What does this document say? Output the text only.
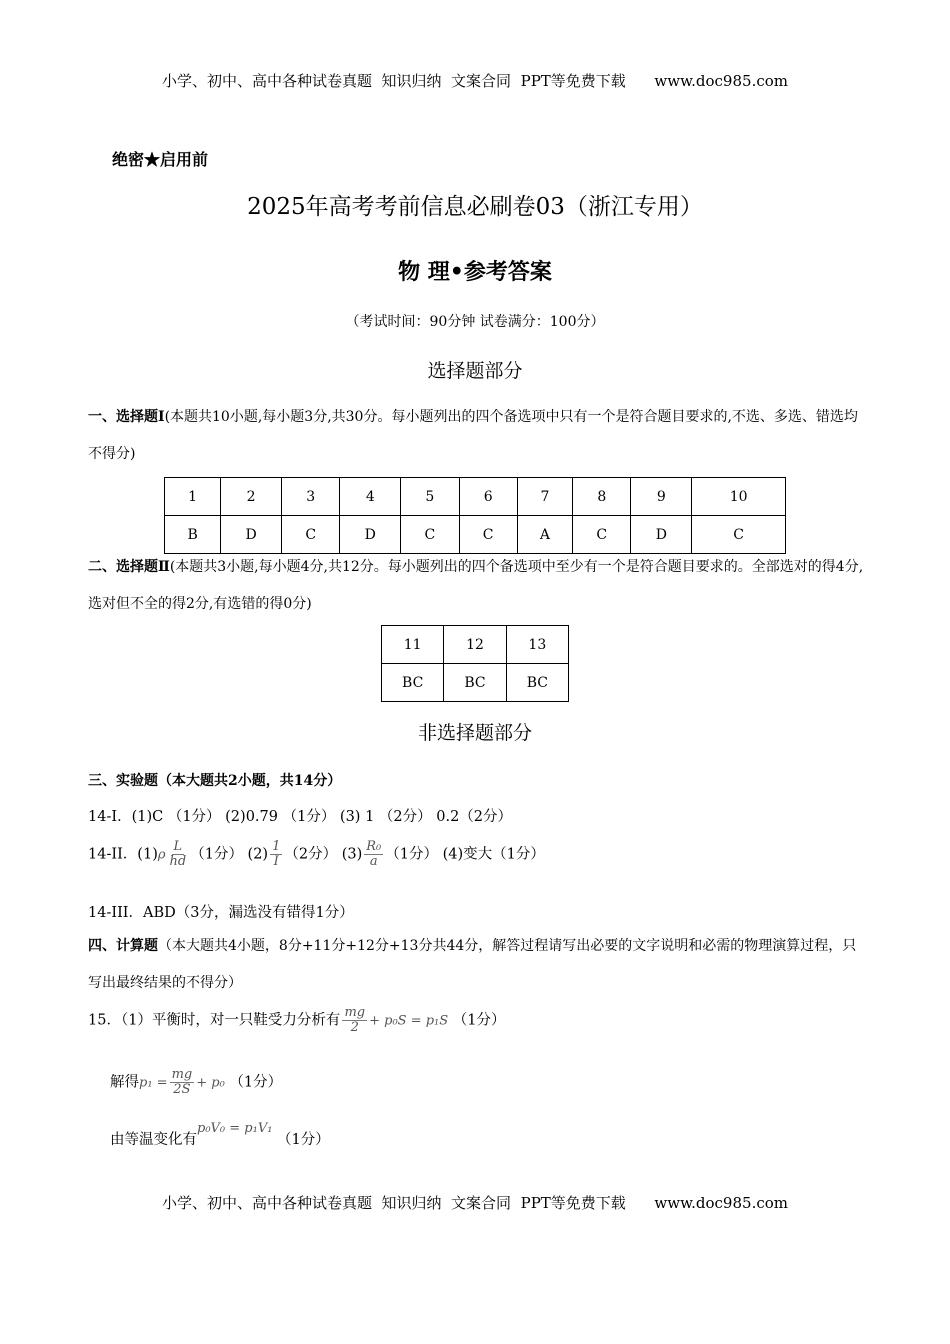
小学、初中、高中各种试卷真题  知识归纳  文案合同  PPT等免费下载      www.doc985.com
绝密★启用前
2025年高考考前信息必刷卷03（浙江专用）
物 理•参考答案
（考试时间：90分钟 试卷满分：100分）
选择题部分
一、选择题Ⅰ(本题共10小题,每小题3分,共30分。每小题列出的四个备选项中只有一个是符合题目要求的,不选、多选、错选均不得分)
1	2	3	4	5	6	7	8	9	10
B	D	C	D	C	C	A	C	D	C
二、选择题Ⅱ(本题共3小题,每小题4分,共12分。每小题列出的四个备选项中至少有一个是符合题目要求的。全部选对的得4分,选对但不全的得2分,有选错的得0分)
11	12	13
BC	BC	BC
非选择题部分
三、实验题（本大题共2小题，共14分）
14-I．(1)C （1分） (2)0.79 （1分） (3) 1 （2分） 0.2（2分）
14-II．$(1)\rho \frac{L}{hd} (1$分） $(2) \frac{1}{I} (2$分） $(3) \frac{\text{R₀}}{a} (1$分） (4)变大（1分）
14-III．ABD（3分，漏选没有错得1分）
四、计算题（本大题共4小题，8分+11分+12分+13分共44分，解答过程请写出必要的文字说明和必需的物理演算过程，只写出最终结果的不得分）
15．（1）平衡时，对一只鞋受力分析有 $\frac{mg}{2} + p_0S = p_1S$ （1分）
解得$p_1 = \frac{mg}{2S} + p_0$ （1分）
由等温变化有p₀V₀ = p₁V₁ （1分）
小学、初中、高中各种试卷真题  知识归纳  文案合同  PPT等免费下载      www.doc985.com
